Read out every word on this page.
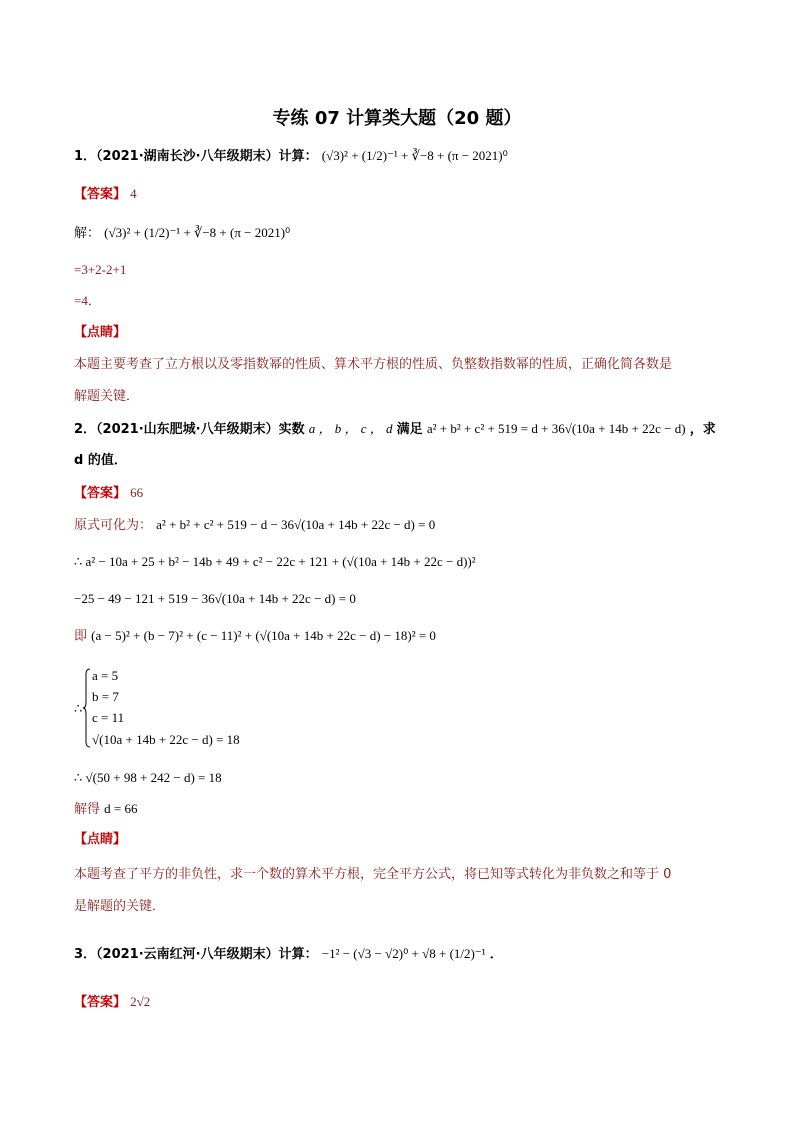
专练 07 计算类大题（20 题）
1．（2021·湖南长沙·八年级期末）计算： (√3)² + (1/2)⁻¹ + ∛−8 + (π − 2021)⁰
【答案】 4
解： (√3)² + (1/2)⁻¹ + ∛−8 + (π − 2021)⁰
=3+2-2+1
=4．
【点睛】
本题主要考查了立方根以及零指数幂的性质、算术平方根的性质、负整数指数幂的性质，正确化简各数是
解题关键．
2．（2021·山东肥城·八年级期末）实数 a ， b ， c ， d 满足 a² + b² + c² + 519 = d + 36√(10a + 14b + 22c − d) ，求
d 的值．
【答案】 66
原式可化为： a² + b² + c² + 519 − d − 36√(10a + 14b + 22c − d) = 0
∴ a² − 10a + 25 + b² − 14b + 49 + c² − 22c + 121 + (√(10a + 14b + 22c − d))²
−25 − 49 − 121 + 519 − 36√(10a + 14b + 22c − d) = 0
即 (a − 5)² + (b − 7)² + (c − 11)² + (√(10a + 14b + 22c − d) − 18)² = 0
∴
a = 5
b = 7
c = 11
√(10a + 14b + 22c − d) = 18
∴ √(50 + 98 + 242 − d) = 18
解得 d = 66
【点睛】
本题考查了平方的非负性，求一个数的算术平方根，完全平方公式，将已知等式转化为非负数之和等于 0
是解题的关键．
3．（2021·云南红河·八年级期末）计算： −1² − (√3 − √2)⁰ + √8 + (1/2)⁻¹ ．
【答案】 2√2
